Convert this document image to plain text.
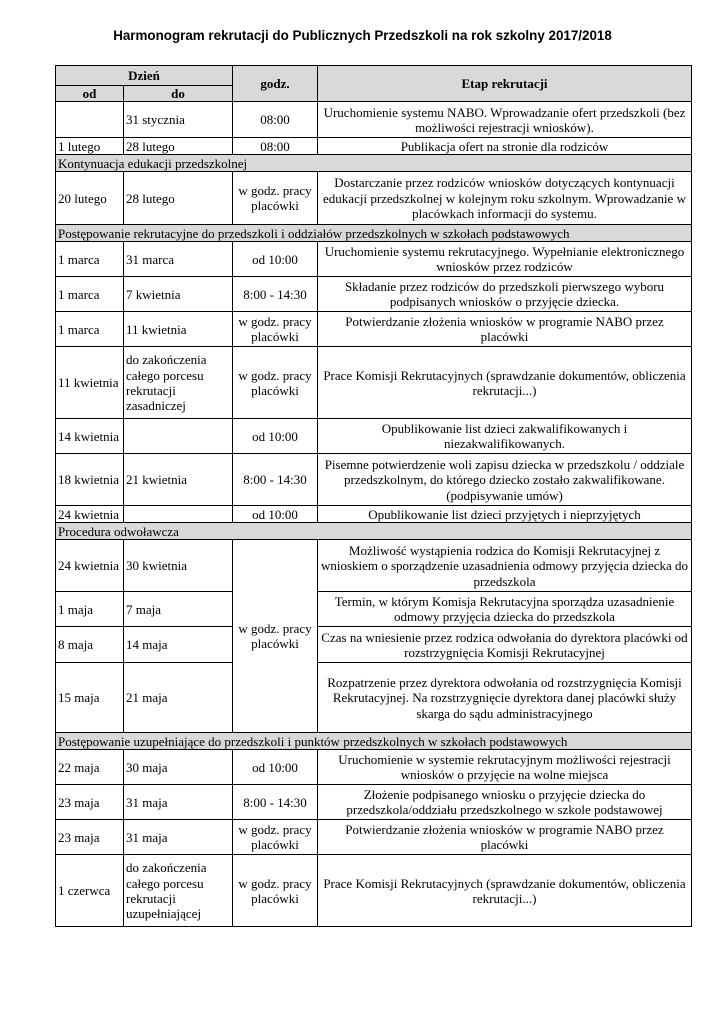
Harmonogram rekrutacji do Publicznych Przedszkoli na rok szkolny 2017/2018
Dzień		godz.	Etap rekrutacji
od	do		
	31 stycznia	08:00	Uruchomienie systemu NABO. Wprowadzanie ofert przedszkoli (bez możliwości rejestracji wniosków).
1 lutego	28 lutego	08:00	Publikacja ofert na stronie dla rodziców
Kontynuacja edukacji przedszkolnej			
20 lutego	28 lutego	w godz. pracy placówki	Dostarczanie przez rodziców wniosków dotyczących kontynuacji edukacji przedszkolnej w kolejnym roku szkolnym. Wprowadzanie w placówkach informacji do systemu.
Postępowanie rekrutacyjne do przedszkoli i oddziałów przedszkolnych w szkołach podstawowych			
1 marca	31 marca	od 10:00	Uruchomienie systemu rekrutacyjnego. Wypełnianie elektronicznego wniosków przez rodziców
1 marca	7 kwietnia	8:00 - 14:30	Składanie przez rodziców do przedszkoli pierwszego wyboru podpisanych wniosków o przyjęcie dziecka.
1 marca	11 kwietnia	w godz. pracy placówki	Potwierdzanie złożenia wniosków w programie NABO przez placówki
11 kwietnia	do zakończenia całego porcesu rekrutacji zasadniczej	w godz. pracy placówki	Prace Komisji Rekrutacyjnych (sprawdzanie dokumentów, obliczenia rekrutacji...)
14 kwietnia		od 10:00	Opublikowanie list dzieci zakwalifikowanych i niezakwalifikowanych.
18 kwietnia	21 kwietnia	8:00 - 14:30	Pisemne potwierdzenie woli zapisu dziecka w przedszkolu / oddziale przedszkolnym, do którego dziecko zostało zakwalifikowane. (podpisywanie umów)
24 kwietnia		od 10:00	Opublikowanie list dzieci przyjętych i nieprzyjętych
Procedura odwoławcza			
24 kwietnia	30 kwietnia	w godz. pracy placówki	Możliwość wystąpienia rodzica do Komisji Rekrutacyjnej z wnioskiem o sporządzenie uzasadnienia odmowy przyjęcia dziecka do przedszkola
1 maja	7 maja		Termin, w którym Komisja Rekrutacyjna sporządza uzasadnienie odmowy przyjęcia dziecka do przedszkola
8 maja	14 maja		Czas na wniesienie przez rodzica odwołania do dyrektora placówki od rozstrzygnięcia Komisji Rekrutacyjnej
15 maja	21 maja		Rozpatrzenie przez dyrektora odwołania od rozstrzygnięcia Komisji Rekrutacyjnej. Na rozstrzygnięcie dyrektora danej placówki służy skarga do sądu administracyjnego
Postępowanie uzupełniające do przedszkoli i punktów przedszkolnych w szkołach podstawowych			
22 maja	30 maja	od 10:00	Uruchomienie w systemie rekrutacyjnym możliwości rejestracji wniosków o przyjęcie na wolne miejsca
23 maja	31 maja	8:00 - 14:30	Złożenie podpisanego wniosku o przyjęcie dziecka do przedszkola/oddziału przedszkolnego w szkole podstawowej
23 maja	31 maja	w godz. pracy placówki	Potwierdzanie złożenia wniosków w programie NABO przez placówki
1 czerwca	do zakończenia całego porcesu rekrutacji uzupełniającej	w godz. pracy placówki	Prace Komisji Rekrutacyjnych (sprawdzanie dokumentów, obliczenia rekrutacji...)
